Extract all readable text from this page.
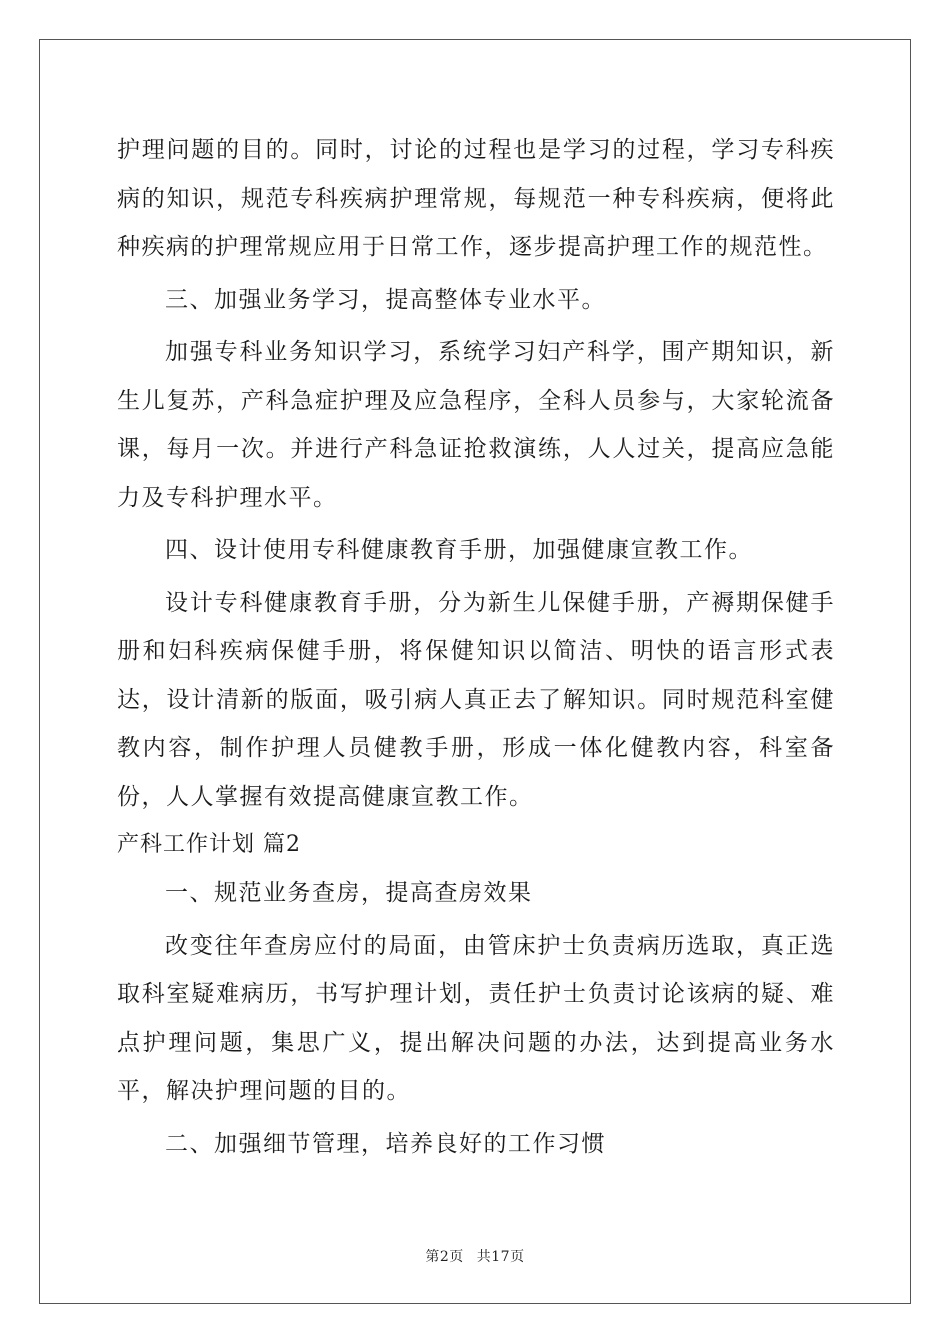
护理问题的目的。同时，讨论的过程也是学习的过程，学习专科疾病的知识，规范专科疾病护理常规，每规范一种专科疾病，便将此种疾病的护理常规应用于日常工作，逐步提高护理工作的规范性。

三、加强业务学习，提高整体专业水平。

加强专科业务知识学习，系统学习妇产科学，围产期知识，新生儿复苏，产科急症护理及应急程序，全科人员参与，大家轮流备课，每月一次。并进行产科急证抢救演练，人人过关，提高应急能力及专科护理水平。

四、设计使用专科健康教育手册，加强健康宣教工作。

设计专科健康教育手册，分为新生儿保健手册，产褥期保健手册和妇科疾病保健手册，将保健知识以简洁、明快的语言形式表达，设计清新的版面，吸引病人真正去了解知识。同时规范科室健教内容，制作护理人员健教手册，形成一体化健教内容，科室备份，人人掌握有效提高健康宣教工作。

产科工作计划 篇2

一、规范业务查房，提高查房效果

改变往年查房应付的局面，由管床护士负责病历选取，真正选取科室疑难病历，书写护理计划，责任护士负责讨论该病的疑、难点护理问题，集思广义，提出解决问题的办法，达到提高业务水平，解决护理问题的目的。

二、加强细节管理，培养良好的工作习惯

第2页 共17页
